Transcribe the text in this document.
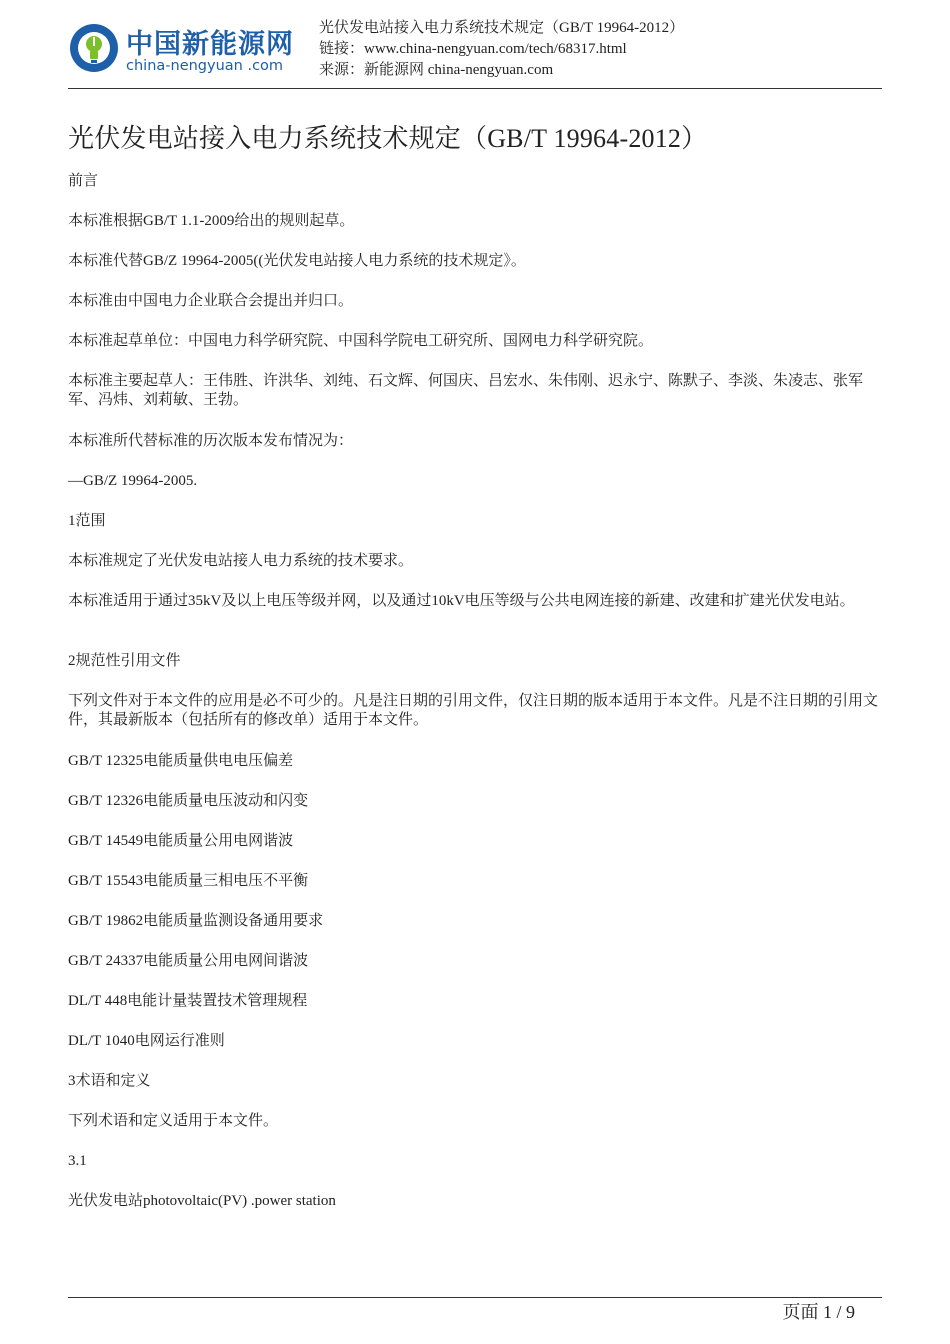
中国新能源网
china-nengyuan .com
光伏发电站接入电力系统技术规定（GB/T 19964-2012）
链接：www.china-nengyuan.com/tech/68317.html
来源：新能源网 china-nengyuan.com
光伏发电站接入电力系统技术规定（GB/T 19964-2012）
前言
本标准根据GB/T 1.1-2009给出的规则起草。
本标准代替GB/Z 19964-2005((光伏发电站接人电力系统的技术规定》。
本标准由中国电力企业联合会提出并归口。
本标准起草单位：中国电力科学研究院、中国科学院电工研究所、国网电力科学研究院。
本标准主要起草人：王伟胜、许洪华、刘纯、石文辉、何国庆、吕宏水、朱伟刚、迟永宁、陈默子、李淡、朱凌志、张军军、冯炜、刘莉敏、王勃。
本标准所代替标准的历次版本发布情况为：
—GB/Z 19964-2005.
1范围
本标准规定了光伏发电站接人电力系统的技术要求。
本标准适用于通过35kV及以上电压等级并网，以及通过10kV电压等级与公共电网连接的新建、改建和扩建光伏发电站。
2规范性引用文件
下列文件对于本文件的应用是必不可少的。凡是注日期的引用文件，仅注日期的版本适用于本文件。凡是不注日期的引用文件，其最新版本（包括所有的修改单）适用于本文件。
GB/T 12325电能质量供电电压偏差
GB/T 12326电能质量电压波动和闪变
GB/T 14549电能质量公用电网谐波
GB/T 15543电能质量三相电压不平衡
GB/T 19862电能质量监测设备通用要求
GB/T 24337电能质量公用电网间谐波
DL/T 448电能计量装置技术管理规程
DL/T 1040电网运行准则
3术语和定义
下列术语和定义适用于本文件。
3.1
光伏发电站photovoltaic(PV) .power station
页面 1 / 9
